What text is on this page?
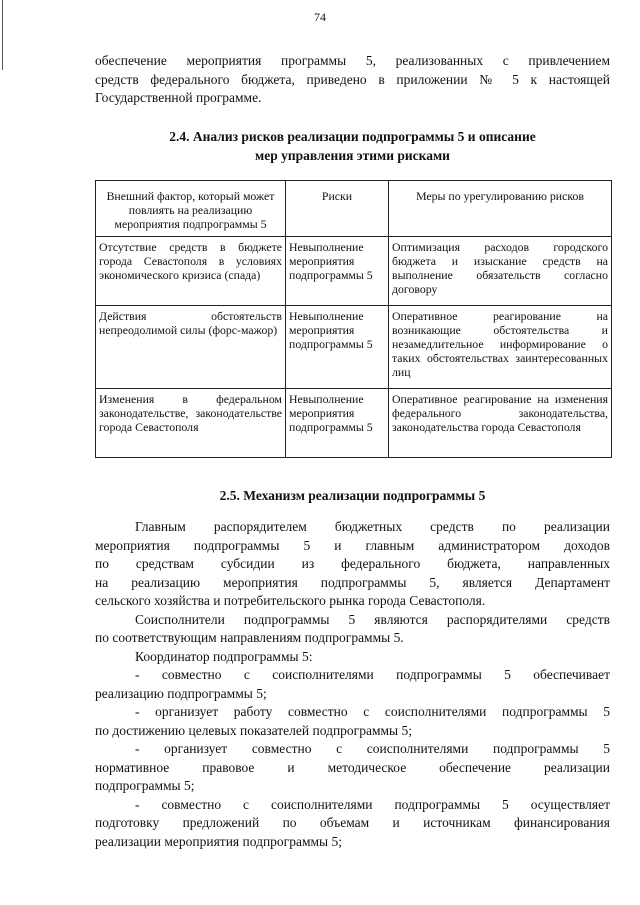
74
обеспечение мероприятия программы 5, реализованных с привлечением
средств федерального бюджета, приведено в приложении № 5 к настоящей
Государственной программе.
2.4. Анализ рисков реализации подпрограммы 5 и описание
мер управления этими рисками
Внешний фактор, который может повлиять на реализацию мероприятия подпрограммы 5	Риски	Меры по урегулированию рисков
Отсутствие средств в бюджете города Севастополя в условиях экономического кризиса (спада)	Невыполнение мероприятия подпрограммы 5	Оптимизация расходов городского бюджета и изыскание средств на выполнение обязательств согласно договору
Действия обстоятельств непреодолимой силы (форс-мажор)	Невыполнение мероприятия подпрограммы 5	Оперативное реагирование на возникающие обстоятельства и незамедлительное информирование о таких обстоятельствах заинтересованных лиц
Изменения в федеральном законодательстве, законодательстве города Севастополя	Невыполнение мероприятия подпрограммы 5	Оперативное реагирование на изменения федерального законодательства, законодательства города Севастополя
2.5. Механизм реализации подпрограммы 5
Главным распорядителем бюджетных средств по реализации
мероприятия подпрограммы 5 и главным администратором доходов
по средствам субсидии из федерального бюджета, направленных
на реализацию мероприятия подпрограммы 5, является Департамент
сельского хозяйства и потребительского рынка города Севастополя.
Соисполнители подпрограммы 5 являются распорядителями средств
по соответствующим направлениям подпрограммы 5.
Координатор подпрограммы 5:
- совместно с соисполнителями подпрограммы 5 обеспечивает
реализацию подпрограммы 5;
- организует работу совместно с соисполнителями подпрограммы 5
по достижению целевых показателей подпрограммы 5;
- организует совместно с соисполнителями подпрограммы 5
нормативное правовое и методическое обеспечение реализации
подпрограммы 5;
- совместно с соисполнителями подпрограммы 5 осуществляет
подготовку предложений по объемам и источникам финансирования
реализации мероприятия подпрограммы 5;
